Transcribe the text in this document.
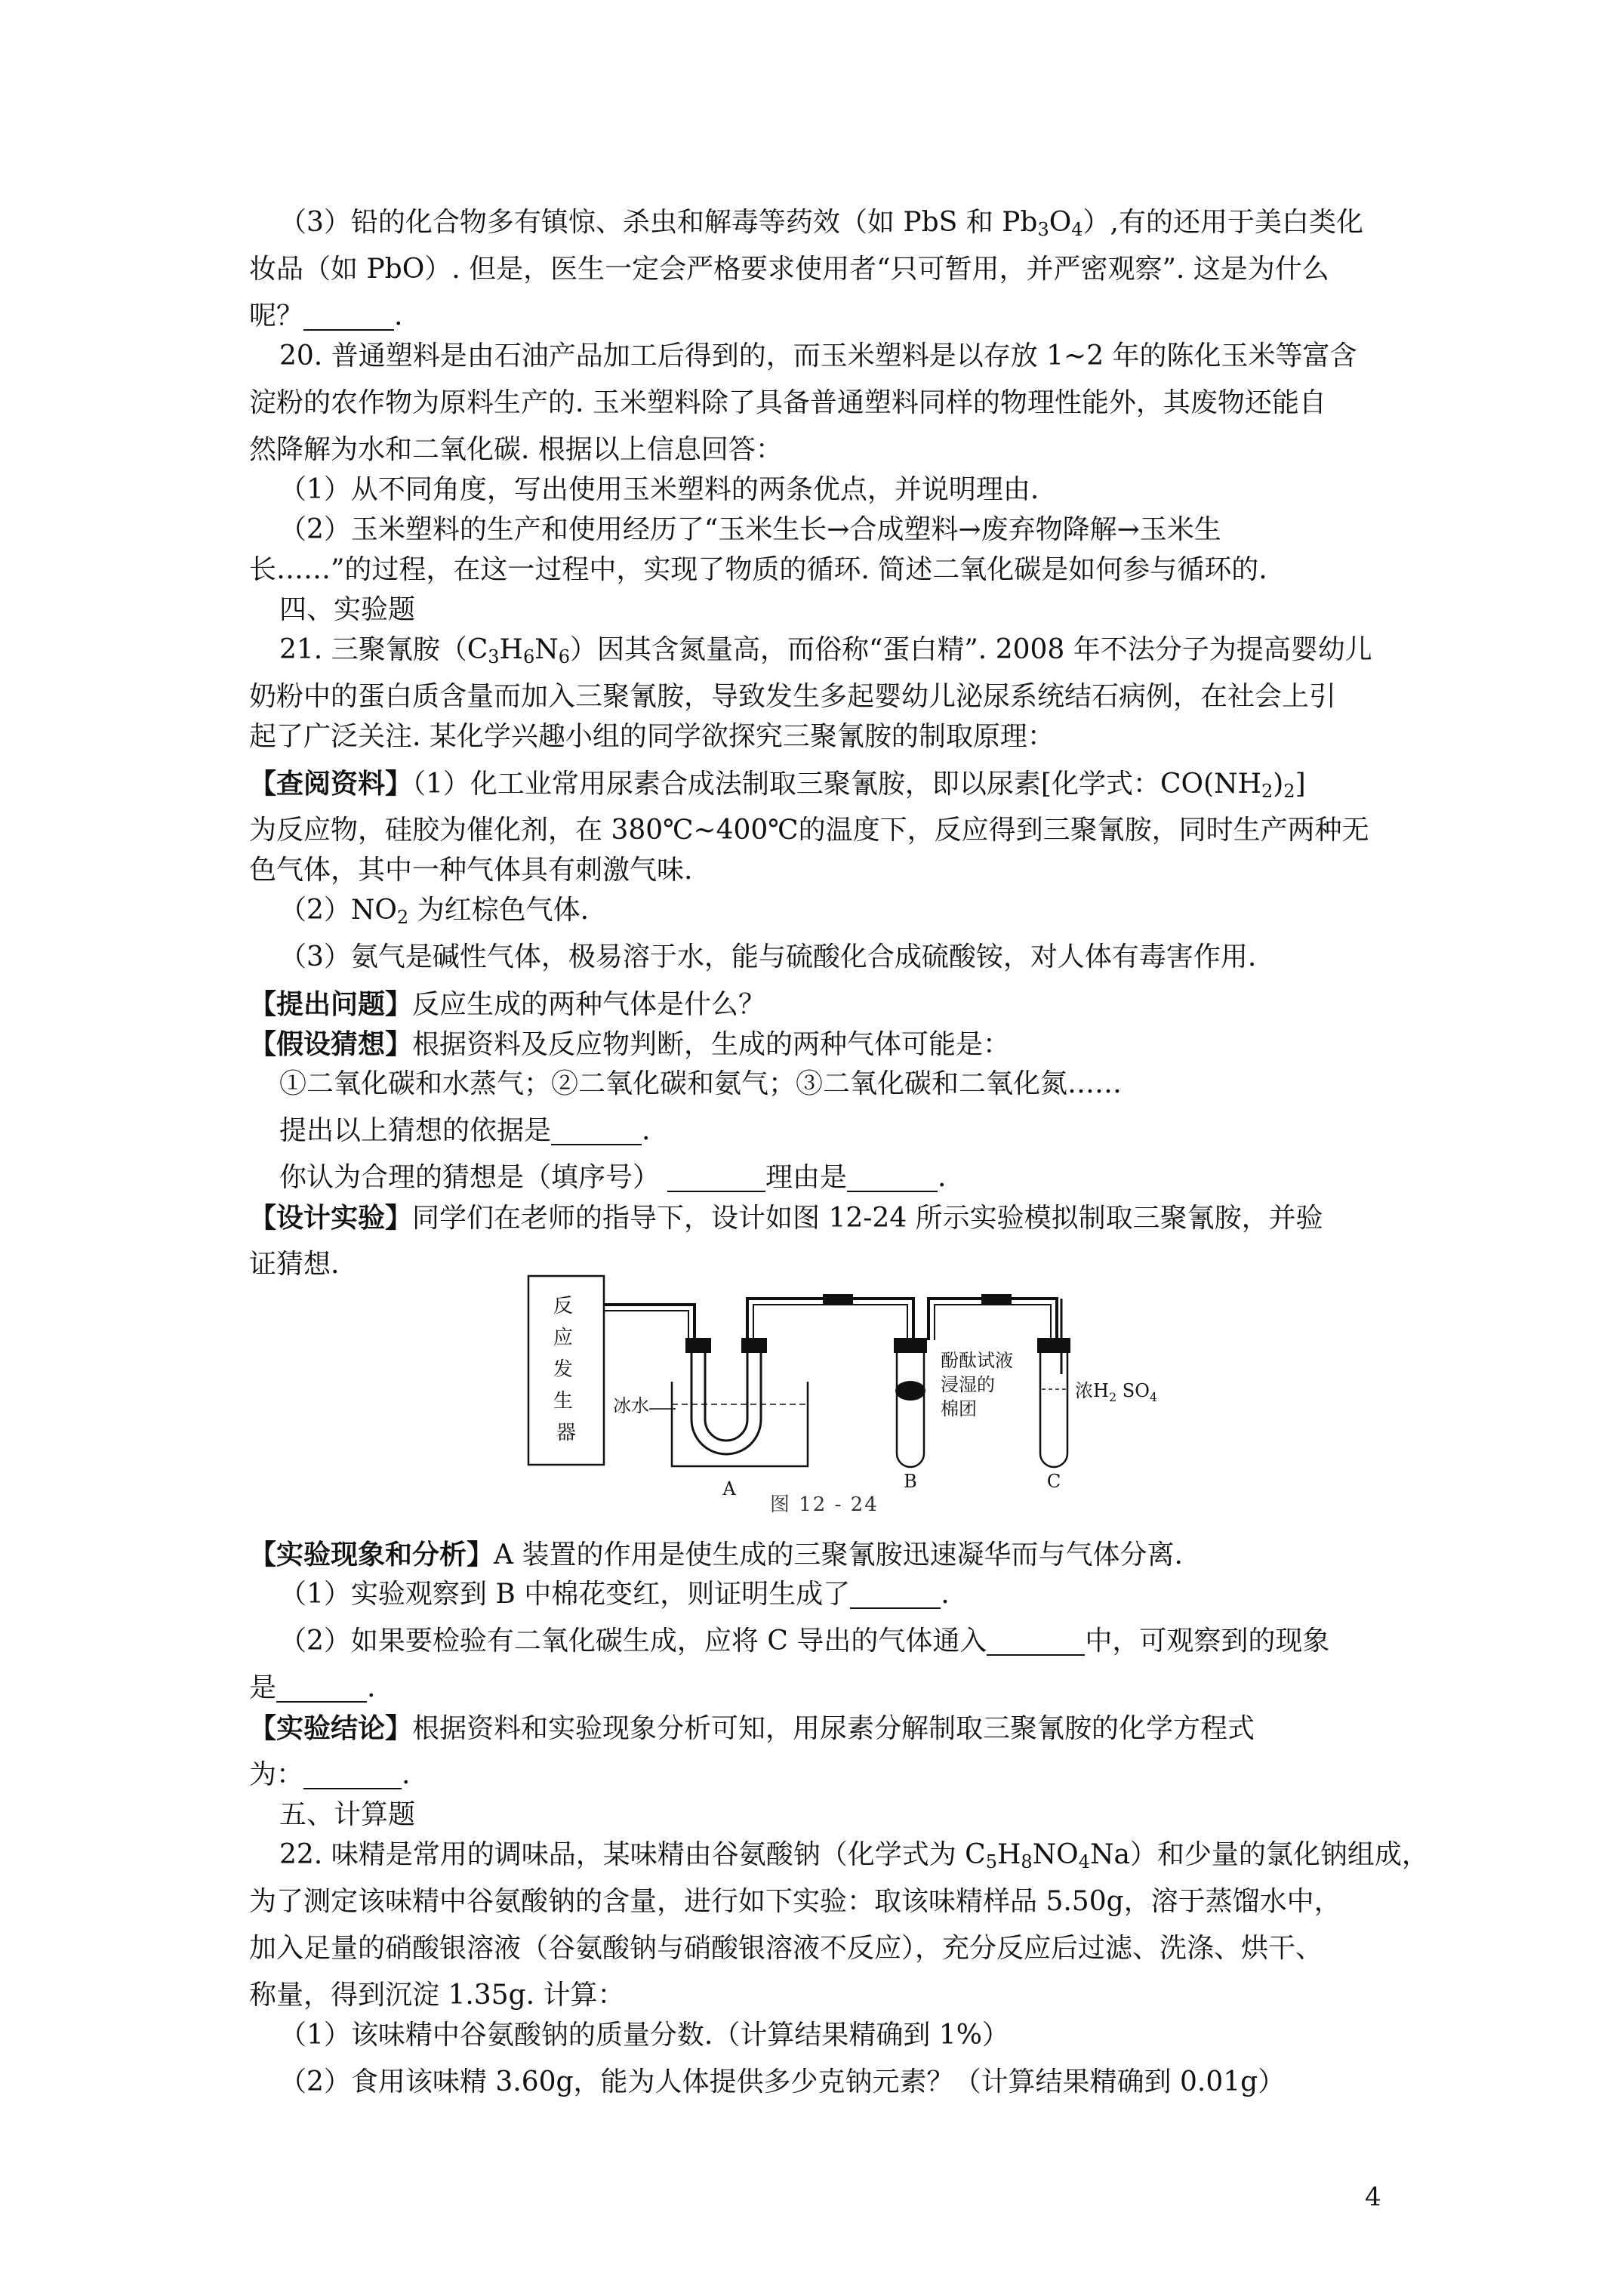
（3）铅的化合物多有镇惊、杀虫和解毒等药效（如 PbS 和 $Pb_3O_4$）,有的还用于美白类化
妆品（如 PbO）. 但是，医生一定会严格要求使用者“只可暂用，并严密观察”. 这是为什么
呢？	.
20. 普通塑料是由石油产品加工后得到的，而玉米塑料是以存放 1~2 年的陈化玉米等富含
淀粉的农作物为原料生产的. 玉米塑料除了具备普通塑料同样的物理性能外，其废物还能自
然降解为水和二氧化碳. 根据以上信息回答：
（1）从不同角度，写出使用玉米塑料的两条优点，并说明理由.
（2）玉米塑料的生产和使用经历了“玉米生长→合成塑料→废弃物降解→玉米生
长……”的过程，在这一过程中，实现了物质的循环. 简述二氧化碳是如何参与循环的.
四、实验题
21. 三聚氰胺$(C_3H_6N_6)$因其含氮量高，而俗称“蛋白精”. 2008 年不法分子为提高婴幼儿
奶粉中的蛋白质含量而加入三聚氰胺，导致发生多起婴幼儿泌尿系统结石病例，在社会上引
起了广泛关注. 某化学兴趣小组的同学欲探究三聚氰胺的制取原理：
【查阅资料】（1）化工业常用尿素合成法制取三聚氰胺，即以尿素[化学式：$CO(NH_2)_2$]
为反应物，硅胶为催化剂，在 380℃~400℃的温度下，反应得到三聚氰胺，同时生产两种无
色气体，其中一种气体具有刺激气味.
$(2)NO_2$ 为红棕色气体.
（3）氨气是碱性气体，极易溶于水，能与硫酸化合成硫酸铵，对人体有毒害作用.
【提出问题】反应生成的两种气体是什么？
【假设猜想】根据资料及反应物判断，生成的两种气体可能是：
①二氧化碳和水蒸气；②二氧化碳和氨气；③二氧化碳和二氧化氮……
提出以上猜想的依据是	.
你认为合理的猜想是（填序号）	理由是	.
【设计实验】同学们在老师的指导下，设计如图 12-24 所示实验模拟制取三聚氰胺，并验
证猜想.
反 应 发 生 器
冰水
A	B
酚酞试液 浸湿的 棉团
C
浓$H_2$ $SO_4$
图 12 - 24
【实验现象和分析】A 装置的作用是使生成的三聚氰胺迅速凝华而与气体分离.
（1）实验观察到 B 中棉花变红，则证明生成了	.
（2）如果要检验有二氧化碳生成，应将 C 导出的气体通入	中，可观察到的现象
是	.
【实验结论】根据资料和实验现象分析可知，用尿素分解制取三聚氰胺的化学方程式
为：	.
五、计算题
22. 味精是常用的调味品，某味精由谷氨酸钠（化学式为 $C_5H_8NO_4Na$）和少量的氯化钠组成，
为了测定该味精中谷氨酸钠的含量，进行如下实验：取该味精样品 5.50g，溶于蒸馏水中，
加入足量的硝酸银溶液（谷氨酸钠与硝酸银溶液不反应），充分反应后过滤、洗涤、烘干、
称量，得到沉淀 1.35g. 计算：
（1）该味精中谷氨酸钠的质量分数.（计算结果精确到 1%）
（2）食用该味精 3.60g，能为人体提供多少克钠元素？（计算结果精确到 0.01g）
4
